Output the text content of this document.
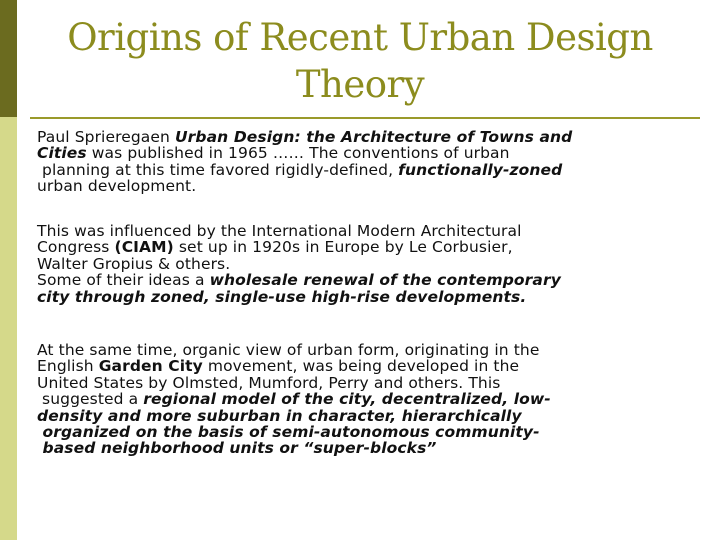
Origins of Recent Urban Design
Theory
Paul Sprieregaen Urban Design: the Architecture of Towns and
Cities was published in 1965 …… The conventions of urban
planning at this time favored rigidly-defined, functionally-zoned
urban development.
This was influenced by the International Modern Architectural
Congress (CIAM) set up in 1920s in Europe by Le Corbusier,
Walter Gropius & others.
Some of their ideas a wholesale renewal of the contemporary
city through zoned, single-use high-rise developments.
At the same time, organic view of urban form, originating in the
English Garden City movement, was being developed in the
United States by Olmsted, Mumford, Perry and others. This
suggested a regional model of the city, decentralized, low-
density and more suburban in character, hierarchically
organized on the basis of semi-autonomous community-
based neighborhood units or “super-blocks”
